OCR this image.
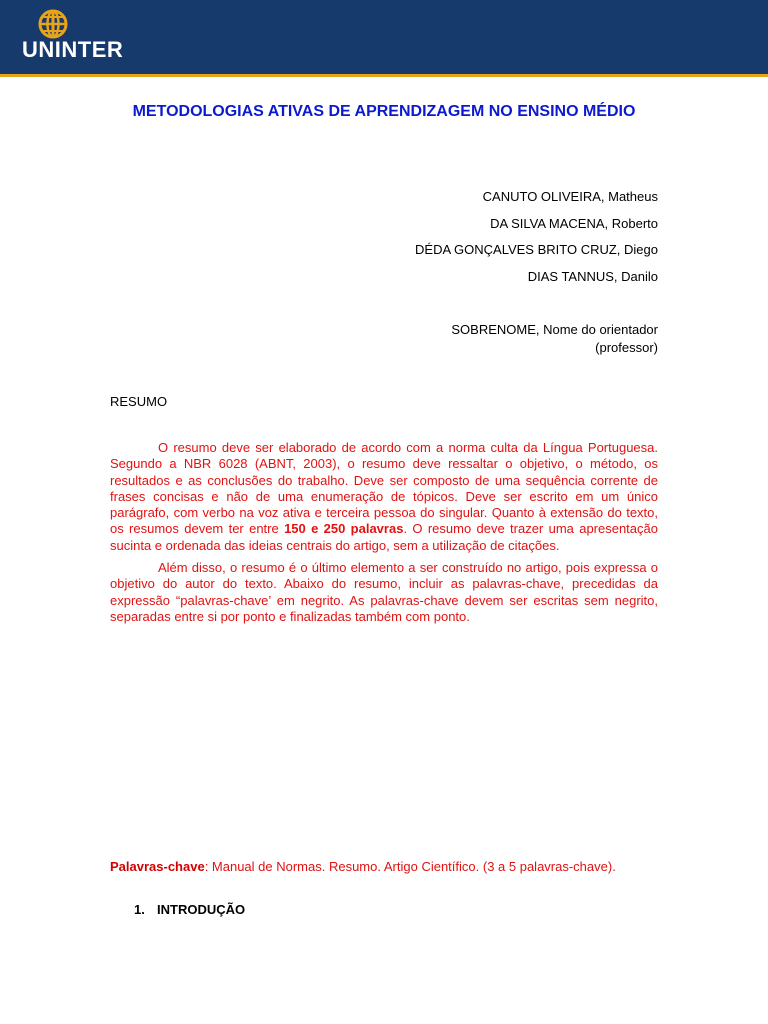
UNINTER
METODOLOGIAS ATIVAS DE APRENDIZAGEM NO ENSINO MÉDIO
CANUTO OLIVEIRA, Matheus
DA SILVA MACENA, Roberto
DÉDA GONÇALVES BRITO CRUZ, Diego
DIAS TANNUS, Danilo
SOBRENOME, Nome do orientador
(professor)
RESUMO

O resumo deve ser elaborado de acordo com a norma culta da Língua Portuguesa. Segundo a NBR 6028 (ABNT, 2003), o resumo deve ressaltar o objetivo, o método, os resultados e as conclusões do trabalho. Deve ser composto de uma sequência corrente de frases concisas e não de uma enumeração de tópicos. Deve ser escrito em um único parágrafo, com verbo na voz ativa e terceira pessoa do singular. Quanto à extensão do texto, os resumos devem ter entre 150 e 250 palavras. O resumo deve trazer uma apresentação sucinta e ordenada das ideias centrais do artigo, sem a utilização de citações.

Além disso, o resumo é o último elemento a ser construído no artigo, pois expressa o objetivo do autor do texto. Abaixo do resumo, incluir as palavras-chave, precedidas da expressão “palavras-chave’ em negrito. As palavras-chave devem ser escritas sem negrito, separadas entre si por ponto e finalizadas também com ponto.

Palavras-chave: Manual de Normas. Resumo. Artigo Científico. (3 a 5 palavras-chave).
1. INTRODUÇÃO
